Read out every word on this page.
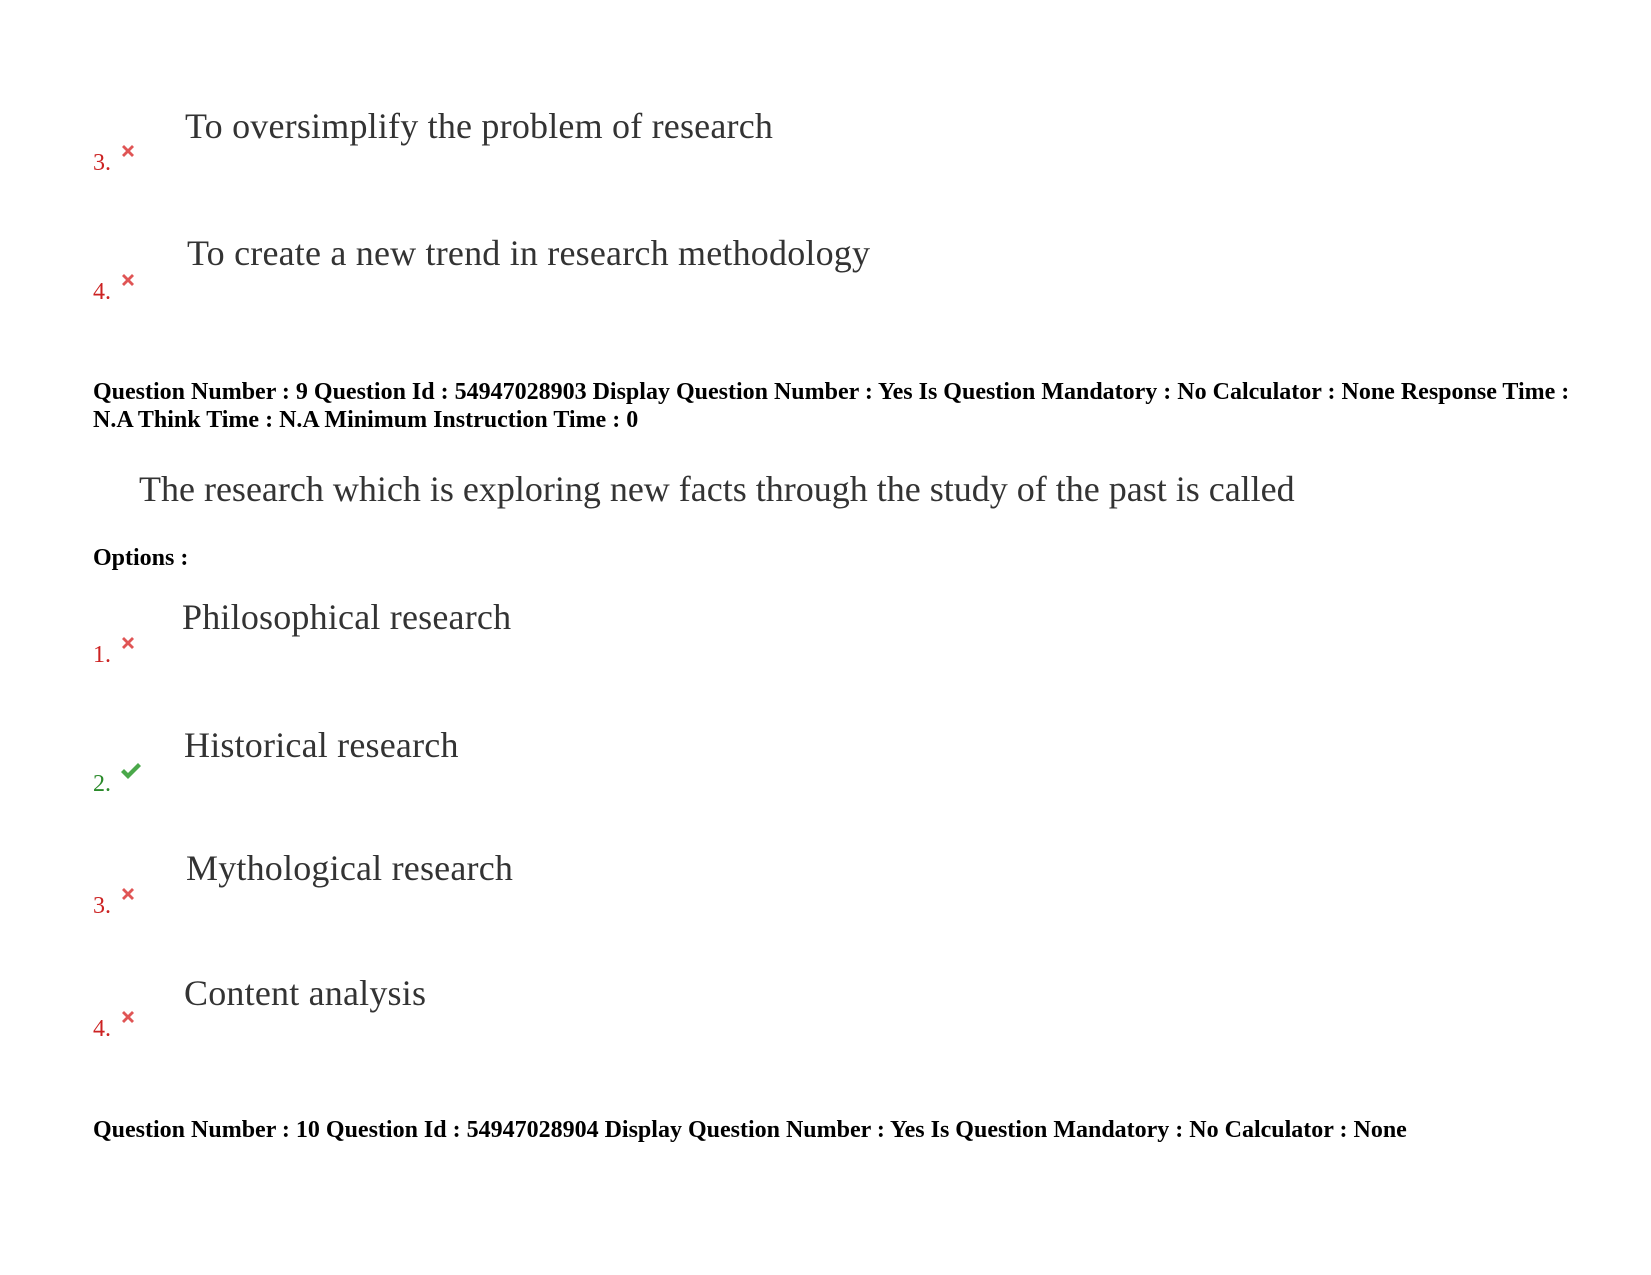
To oversimplify the problem of research
3.
To create a new trend in research methodology
4.
Question Number : 9 Question Id : 54947028903 Display Question Number : Yes Is Question Mandatory : No Calculator : None Response Time : N.A Think Time : N.A Minimum Instruction Time : 0
The research which is exploring new facts through the study of the past is called
Options :
Philosophical research
1.
Historical research
2.
Mythological research
3.
Content analysis
4.
Question Number : 10 Question Id : 54947028904 Display Question Number : Yes Is Question Mandatory : No Calculator : None
